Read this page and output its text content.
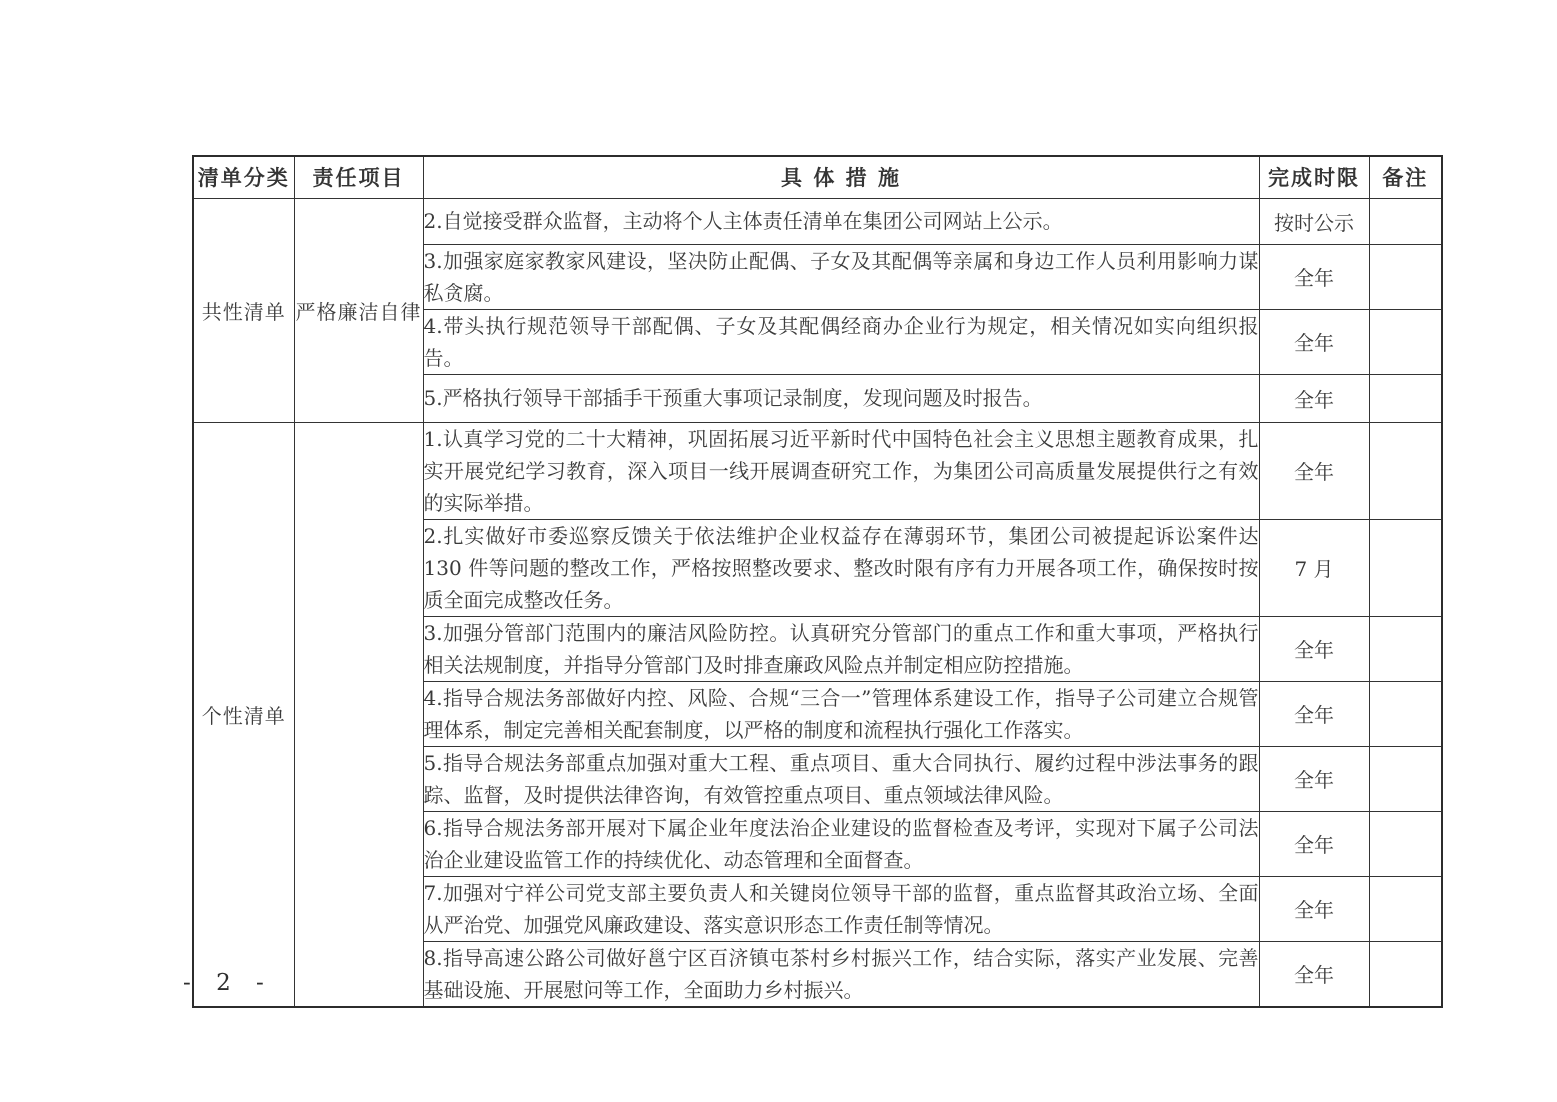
清单分类	责任项目	具 体 措 施	完成时限	备注
共性清单	严格廉洁自律	2.自觉接受群众监督，主动将个人主体责任清单在集团公司网站上公示。	按时公示	
		3.加强家庭家教家风建设，坚决防止配偶、子女及其配偶等亲属和身边工作人员利用影响力谋私贪腐。	全年	
		4.带头执行规范领导干部配偶、子女及其配偶经商办企业行为规定，相关情况如实向组织报告。	全年	
		5.严格执行领导干部插手干预重大事项记录制度，发现问题及时报告。	全年	
个性清单		1.认真学习党的二十大精神，巩固拓展习近平新时代中国特色社会主义思想主题教育成果，扎实开展党纪学习教育，深入项目一线开展调查研究工作，为集团公司高质量发展提供行之有效的实际举措。	全年	
		2.扎实做好市委巡察反馈关于依法维护企业权益存在薄弱环节，集团公司被提起诉讼案件达 130 件等问题的整改工作，严格按照整改要求、整改时限有序有力开展各项工作，确保按时按质全面完成整改任务。	7 月	
		3.加强分管部门范围内的廉洁风险防控。认真研究分管部门的重点工作和重大事项，严格执行相关法规制度，并指导分管部门及时排查廉政风险点并制定相应防控措施。	全年	
		4.指导合规法务部做好内控、风险、合规“三合一”管理体系建设工作，指导子公司建立合规管理体系，制定完善相关配套制度，以严格的制度和流程执行强化工作落实。	全年	
		5.指导合规法务部重点加强对重大工程、重点项目、重大合同执行、履约过程中涉法事务的跟踪、监督，及时提供法律咨询，有效管控重点项目、重点领域法律风险。	全年	
		6.指导合规法务部开展对下属企业年度法治企业建设的监督检查及考评，实现对下属子公司法治企业建设监管工作的持续优化、动态管理和全面督查。	全年	
		7.加强对宁祥公司党支部主要负责人和关键岗位领导干部的监督，重点监督其政治立场、全面从严治党、加强党风廉政建设、落实意识形态工作责任制等情况。	全年	
		8.指导高速公路公司做好邕宁区百济镇屯茶村乡村振兴工作，结合实际，落实产业发展、完善基础设施、开展慰问等工作，全面助力乡村振兴。	全年	
- 2 -
